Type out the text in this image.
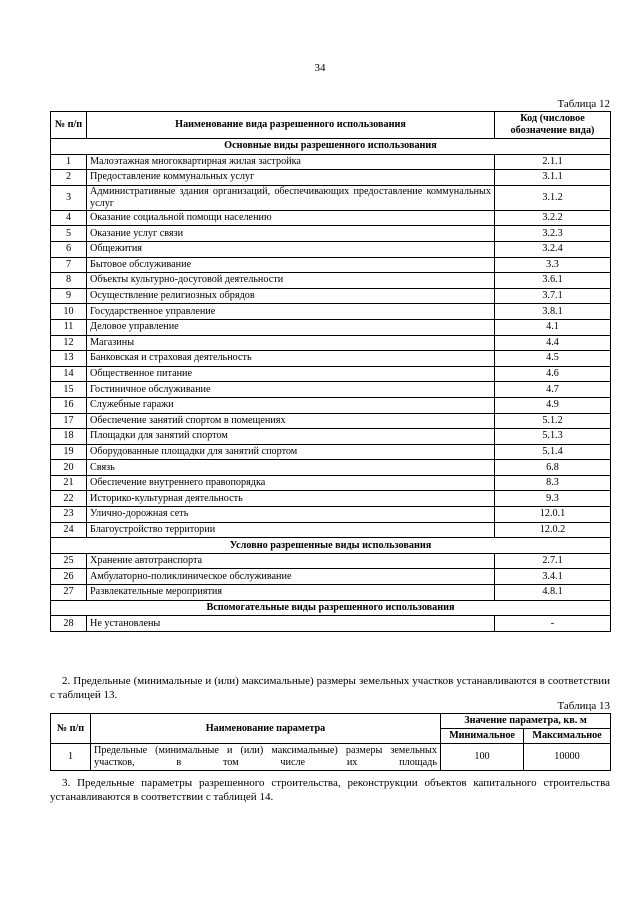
34
Таблица 12
№ п/п	Наименование вида разрешенного использования	Код (числовое обозначение вида)
Основные виды разрешенного использования		
1	Малоэтажная многоквартирная жилая застройка	2.1.1
2	Предоставление коммунальных услуг	3.1.1
3	Административные здания организаций, обеспечивающих предоставление коммунальных услуг	3.1.2
4	Оказание социальной помощи населению	3.2.2
5	Оказание услуг связи	3.2.3
6	Общежития	3.2.4
7	Бытовое обслуживание	3.3
8	Объекты культурно-досуговой деятельности	3.6.1
9	Осуществление религиозных обрядов	3.7.1
10	Государственное управление	3.8.1
11	Деловое управление	4.1
12	Магазины	4.4
13	Банковская и страховая деятельность	4.5
14	Общественное питание	4.6
15	Гостиничное обслуживание	4.7
16	Служебные гаражи	4.9
17	Обеспечение занятий спортом в помещениях	5.1.2
18	Площадки для занятий спортом	5.1.3
19	Оборудованные площадки для занятий спортом	5.1.4
20	Связь	6.8
21	Обеспечение внутреннего правопорядка	8.3
22	Историко-культурная деятельность	9.3
23	Улично-дорожная сеть	12.0.1
24	Благоустройство территории	12.0.2
Условно разрешенные виды использования		
25	Хранение автотранспорта	2.7.1
26	Амбулаторно-поликлиническое обслуживание	3.4.1
27	Развлекательные мероприятия	4.8.1
Вспомогательные виды разрешенного использования		
28	Не установлены	-
2. Предельные (минимальные и (или) максимальные) размеры земельных участков устанавливаются в соответствии с таблицей 13.
Таблица 13
№ п/п	Наименование параметра	Значение параметра, кв. м	
		Минимальное	Максимальное
1	Предельные (минимальные и (или) максимальные) размеры земельных участков, в том числе их площадь	100	10000
3. Предельные параметры разрешенного строительства, реконструкции объектов капитального строительства устанавливаются в соответствии с таблицей 14.
